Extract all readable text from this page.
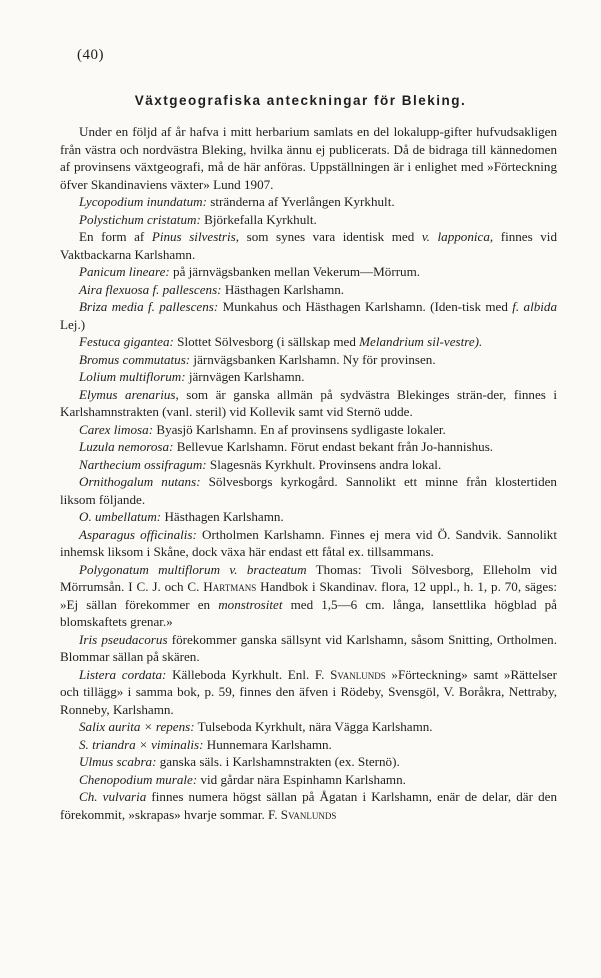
(40)
Växtgeografiska anteckningar för Bleking.

Under en följd af år hafva i mitt herbarium samlats en del lokalupp-gifter hufvudsakligen från västra och nordvästra Bleking, hvilka ännu ej publicerats. Då de bidraga till kännedomen af provinsens växtgeografi, må de här anföras. Uppställningen är i enlighet med »Förteckning öfver Skandinaviens växter» Lund 1907.

Lycopodium inundatum: stränderna af Yverlången Kyrkhult.

Polystichum cristatum: Björkefalla Kyrkhult.

En form af Pinus silvestris, som synes vara identisk med v. lapponica, finnes vid Vaktbackarna Karlshamn.

Panicum lineare: på järnvägsbanken mellan Vekerum—Mörrum.

Aira flexuosa f. pallescens: Hästhagen Karlshamn.

Briza media f. pallescens: Munkahus och Hästhagen Karlshamn. (Iden-tisk med f. albida Lej.)

Festuca gigantea: Slottet Sölvesborg (i sällskap med Melandrium sil-vestre).

Bromus commutatus: järnvägsbanken Karlshamn. Ny för provinsen.

Lolium multiflorum: järnvägen Karlshamn.

Elymus arenarius, som är ganska allmän på sydvästra Blekinges strän-der, finnes i Karlshamnstrakten (vanl. steril) vid Kollevik samt vid Sternö udde.

Carex limosa: Byasjö Karlshamn. En af provinsens sydligaste lokaler.

Luzula nemorosa: Bellevue Karlshamn. Förut endast bekant från Jo-hannishus.

Narthecium ossifragum: Slagesnäs Kyrkhult. Provinsens andra lokal.

Ornithogalum nutans: Sölvesborgs kyrkogård. Sannolikt ett minne från klostertiden liksom följande.

O. umbellatum: Hästhagen Karlshamn.

Asparagus officinalis: Ortholmen Karlshamn. Finnes ej mera vid Ö. Sandvik. Sannolikt inhemsk liksom i Skåne, dock växa här endast ett fåtal ex. tillsammans.

Polygonatum multiflorum v. bracteatum Thomas: Tivoli Sölvesborg, Elleholm vid Mörrumsån. I C. J. och C. Hartmans Handbok i Skandinav. flora, 12 uppl., h. 1, p. 70, säges: »Ej sällan förekommer en monstrositet med 1,5—6 cm. långa, lansettlika högblad på blomskaftets grenar.»

Iris pseudacorus förekommer ganska sällsynt vid Karlshamn, såsom Snitting, Ortholmen. Blommar sällan på skären.

Listera cordata: Källeboda Kyrkhult. Enl. F. Svanlunds »Förteckning» samt »Rättelser och tillägg» i samma bok, p. 59, finnes den äfven i Rödeby, Svensgöl, V. Boråkra, Nettraby, Ronneby, Karlshamn.

Salix aurita × repens: Tulseboda Kyrkhult, nära Vägga Karlshamn.

S. triandra × viminalis: Hunnemara Karlshamn.

Ulmus scabra: ganska säls. i Karlshamnstrakten (ex. Sternö).

Chenopodium murale: vid gårdar nära Espinhamn Karlshamn.

Ch. vulvaria finnes numera högst sällan på Ågatan i Karlshamn, enär de delar, där den förekommit, »skrapas» hvarje sommar. F. Svanlunds
